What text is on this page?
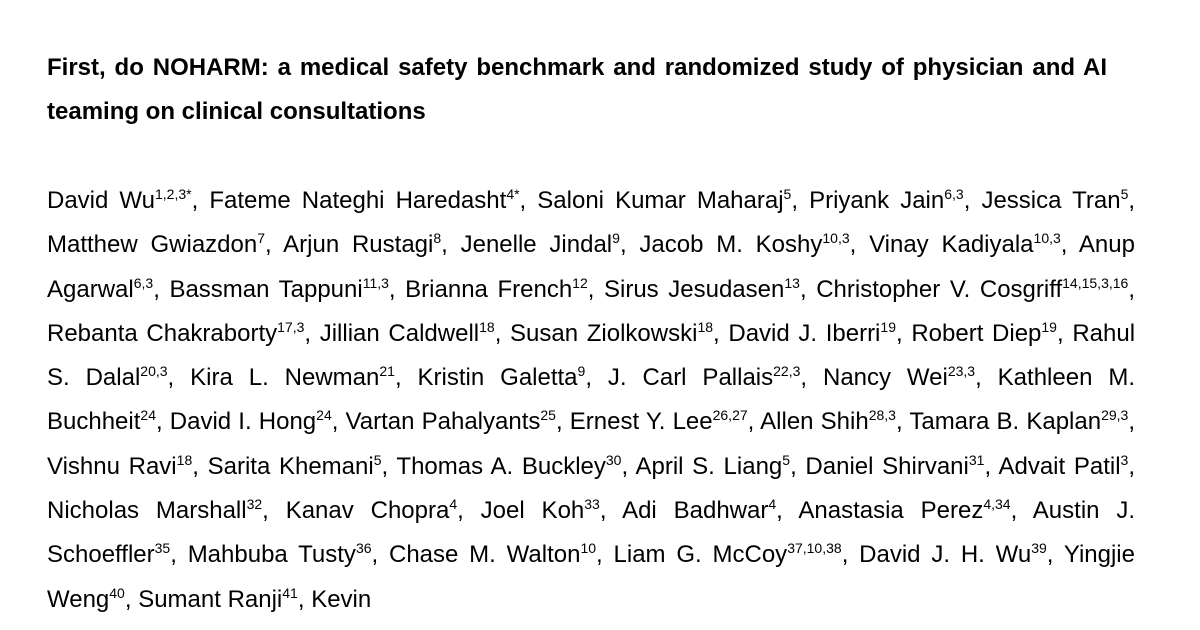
First, do NOHARM: a medical safety benchmark and randomized study of physician and AI teaming on clinical consultations

David $Wu^{1,2,3*}$, Fateme Nateghi Haredasht$^{4*}$, Saloni Kumar Maharaj$^5$, Priyank Jain$^{6,3}$, Jessica Tran$^5$, Matthew Gwiazdon$^7$, Arjun Rustagi$^8$, Jenelle Jindal$^9$, Jacob M. Koshy$^{10,3}$, Vinay Kadiyala$^{10,3}$, Anup Agarwal$^{6,3}$, Bassman Tappuni$^{11,3}$, Brianna French$^{12}$, Sirus Jesudasen$^{13}$, Christopher V. Cosgriff$^{14,15,3,16}$, Rebanta Chakraborty$^{17,3}$, Jillian Caldwell$^{18}$, Susan Ziolkowski$^{18}$, David J. Iberri$^{19}$, Robert Diep$^{19}$, Rahul S. Dalal$^{20,3}$, Kira L. Newman$^{21}$, Kristin Galetta$^9$, J. Carl Pallais$^{22,3}$, Nancy Wei$^{23,3}$, Kathleen M. Buchheit$^{24}$, David I. Hong$^{24}$, Vartan Pahalyants$^{25}$, Ernest Y. Lee$^{26,27}$, Allen Shih$^{28,3}$, Tamara B. Kaplan$^{29,3}$, Vishnu Ravi$^{18}$, Sarita Khemani$^5$, Thomas A. Buckley$^{30}$, April S. Liang$^5$, Daniel Shirvani$^{31}$, Advait Patil$^3$, Nicholas Marshall$^{32}$, Kanav Chopra$^4$, Joel Koh$^{33}$, Adi Badhwar$^4$, Anastasia Perez$^{4,34}$, Austin J. Schoeffler$^{35}$, Mahbuba Tusty$^{36}$, Chase M. Walton$^{10}$, Liam G. McCoy$^{37,10,38}$, David J. H. Wu$^{39}$, Yingjie Weng$^{40}$, Sumant Ranji$^{41}$, Kevin
